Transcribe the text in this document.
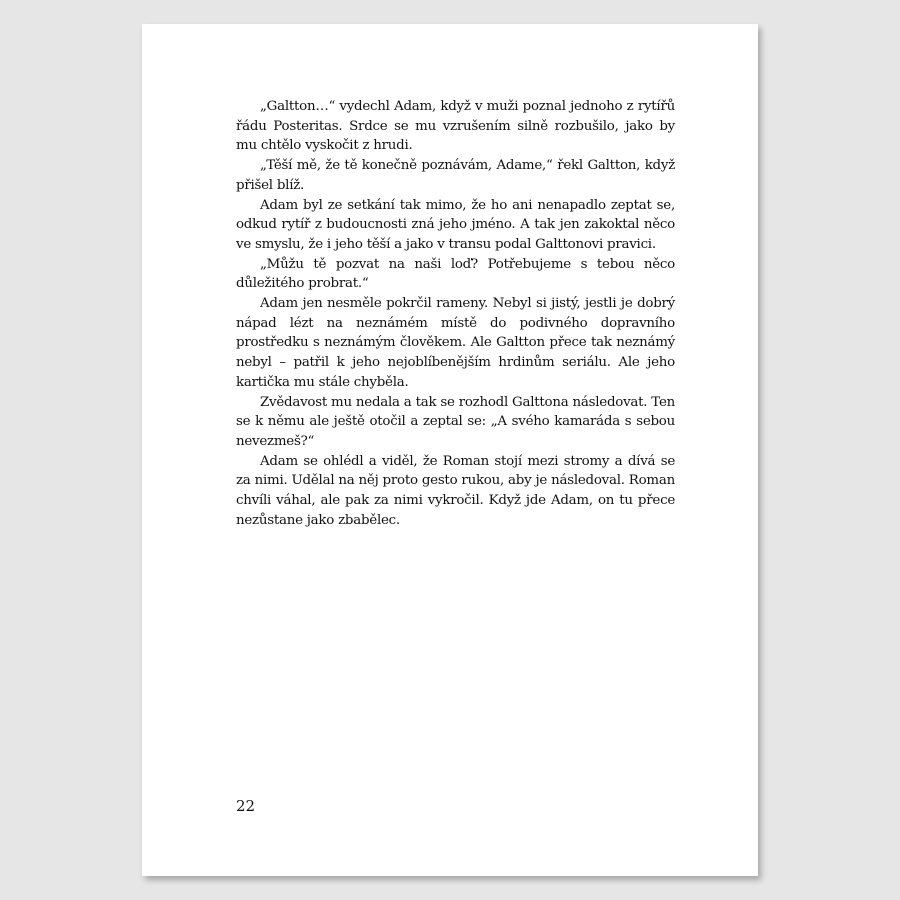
„Galtton…“ vydechl Adam, když v muži poznal jednoho z rytířů řádu Posteritas. Srdce se mu vzrušením silně rozbušilo, jako by mu chtělo vyskočit z hrudi.

„Těší mě, že tě konečně poznávám, Adame,“ řekl Galtton, když přišel blíž.

Adam byl ze setkání tak mimo, že ho ani nenapadlo zeptat se, odkud rytíř z budoucnosti zná jeho jméno. A tak jen zakoktal něco ve smyslu, že i jeho těší a jako v transu podal Galttonovi pravici.

„Můžu tě pozvat na naši loď? Potřebujeme s tebou něco důležitého probrat.“

Adam jen nesměle pokrčil rameny. Nebyl si jistý, jestli je dobrý nápad lézt na neznámém místě do podivného dopravního prostředku s neznámým člověkem. Ale Galtton přece tak neznámý nebyl – patřil k jeho nejoblíbenějším hrdinům seriálu. Ale jeho kartička mu stále chyběla.

Zvědavost mu nedala a tak se rozhodl Galttona následovat. Ten se k němu ale ještě otočil a zeptal se: „A svého kamaráda s sebou nevezmeš?“

Adam se ohlédl a viděl, že Roman stojí mezi stromy a dívá se za nimi. Udělal na něj proto gesto rukou, aby je následoval. Roman chvíli váhal, ale pak za nimi vykročil. Když jde Adam, on tu přece nezůstane jako zbabělec.

22
